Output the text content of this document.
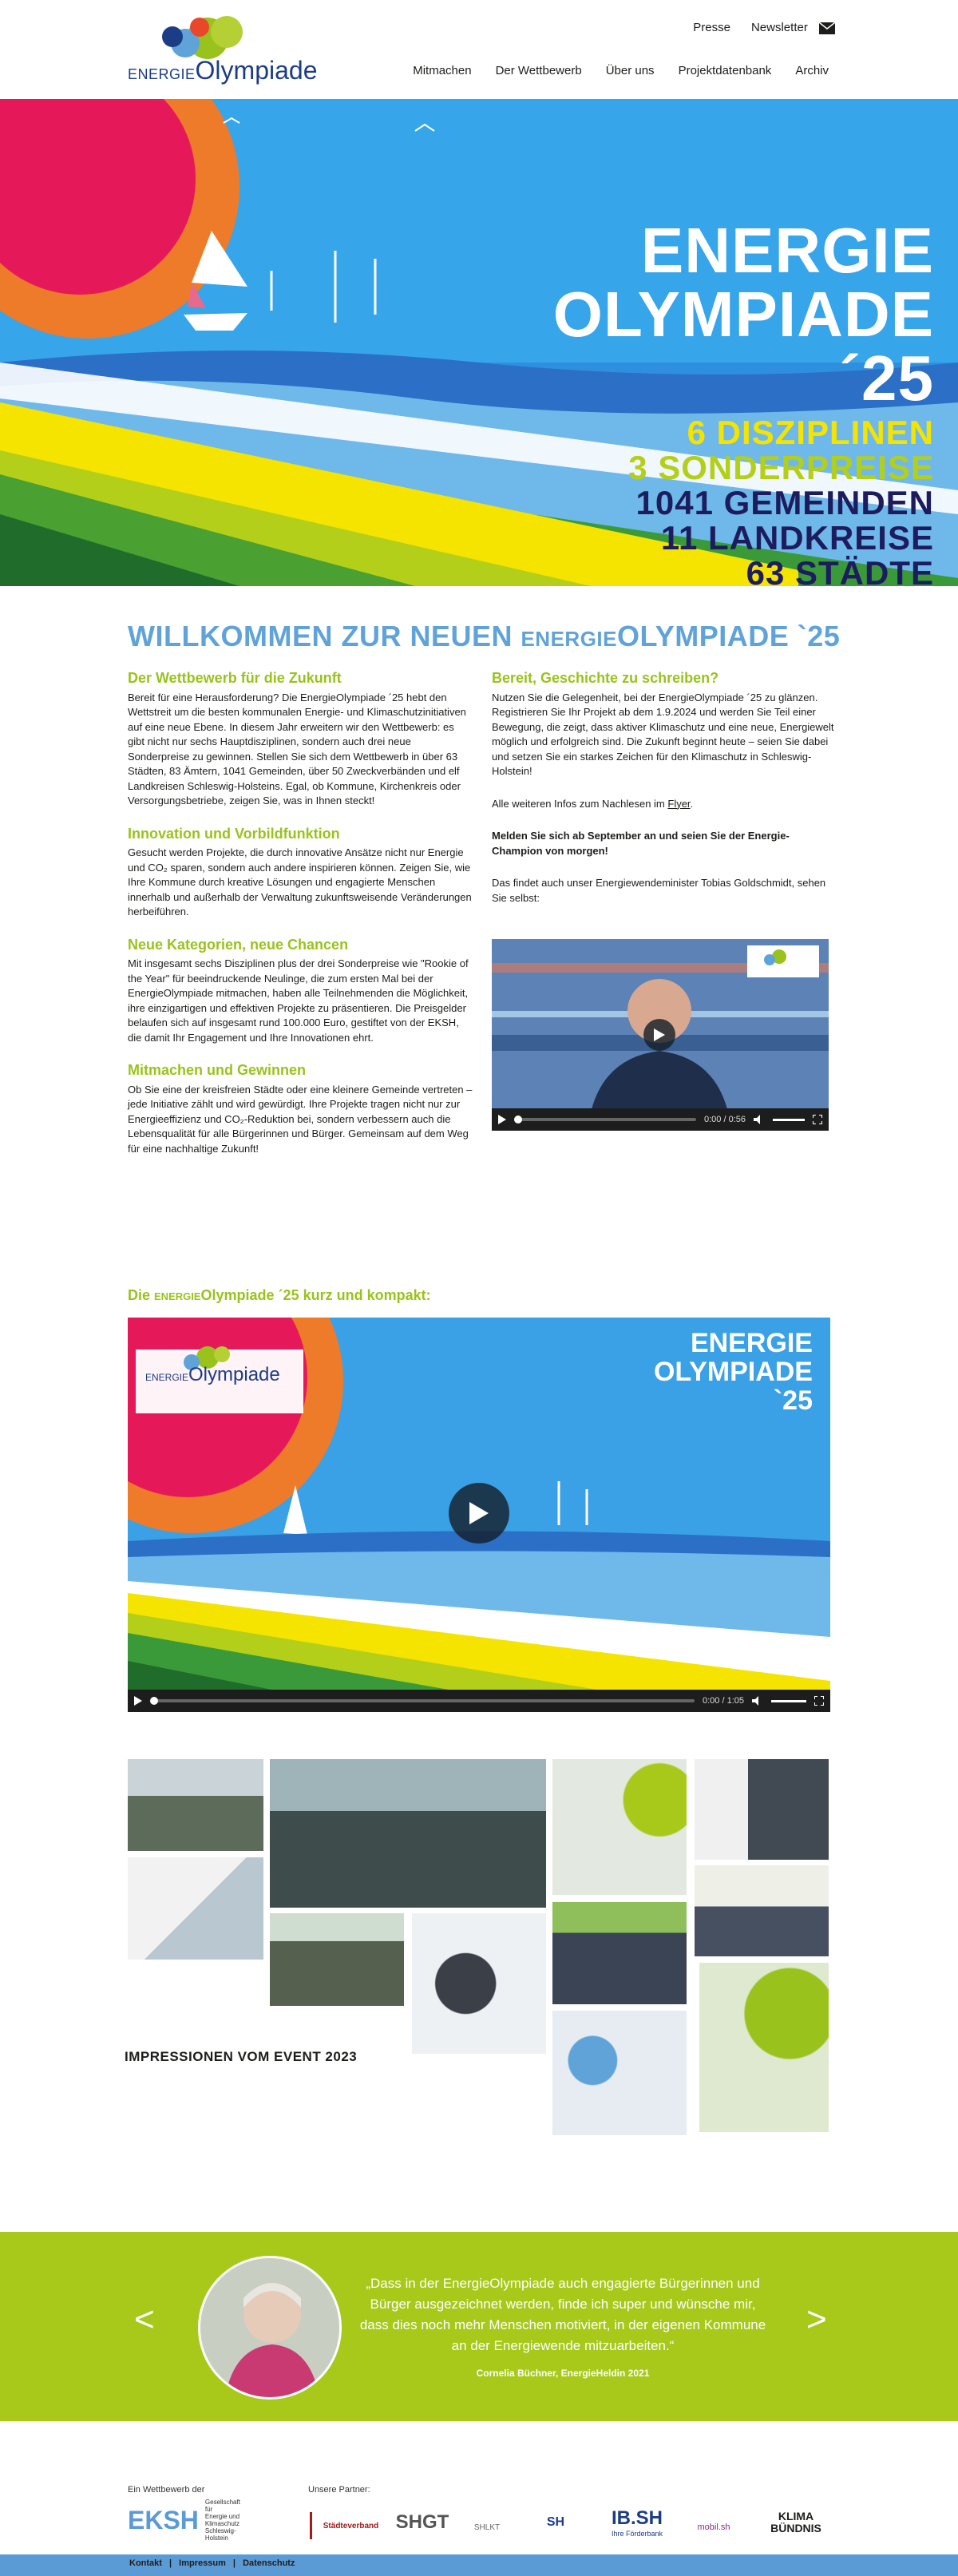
ENERGIEOlympiade
Presse Newsletter
Mitmachen Der Wettbewerb Über uns Projektdatenbank Archiv
ENERGIE
OLYMPIADE
´25
6 DISZIPLINEN
3 SONDERPREISE
1041 GEMEINDEN
11 LANDKREISE
63 STÄDTE
WILLKOMMEN ZUR NEUEN ENERGIEOLYMPIADE `25
Der Wettbewerb für die Zukunft

Bereit für eine Herausforderung? Die EnergieOlympiade ´25 hebt den Wettstreit um die besten kommunalen Energie- und Klimaschutzinitiativen auf eine neue Ebene. In diesem Jahr erweitern wir den Wettbewerb: es gibt nicht nur sechs Hauptdisziplinen, sondern auch drei neue Sonderpreise zu gewinnen. Stellen Sie sich dem Wettbewerb in über 63 Städten, 83 Ämtern, 1041 Gemeinden, über 50 Zweckverbänden und elf Landkreisen Schleswig-Holsteins. Egal, ob Kommune, Kirchenkreis oder Versorgungsbetriebe, zeigen Sie, was in Ihnen steckt!

Innovation und Vorbildfunktion

Gesucht werden Projekte, die durch innovative Ansätze nicht nur Energie und CO₂ sparen, sondern auch andere inspirieren können. Zeigen Sie, wie Ihre Kommune durch kreative Lösungen und engagierte Menschen innerhalb und außerhalb der Verwaltung zukunftsweisende Veränderungen herbeiführen.

Neue Kategorien, neue Chancen

Mit insgesamt sechs Disziplinen plus der drei Sonderpreise wie "Rookie of the Year" für beeindruckende Neulinge, die zum ersten Mal bei der EnergieOlympiade mitmachen, haben alle Teilnehmenden die Möglichkeit, ihre einzigartigen und effektiven Projekte zu präsentieren. Die Preisgelder belaufen sich auf insgesamt rund 100.000 Euro, gestiftet von der EKSH, die damit Ihr Engagement und Ihre Innovationen ehrt.

Mitmachen und Gewinnen

Ob Sie eine der kreisfreien Städte oder eine kleinere Gemeinde vertreten – jede Initiative zählt und wird gewürdigt. Ihre Projekte tragen nicht nur zur Energieeffizienz und CO₂-Reduktion bei, sondern verbessern auch die Lebensqualität für alle Bürgerinnen und Bürger. Gemeinsam auf dem Weg für eine nachhaltige Zukunft!

Bereit, Geschichte zu schreiben?

Nutzen Sie die Gelegenheit, bei der EnergieOlympiade ´25 zu glänzen. Registrieren Sie Ihr Projekt ab dem 1.9.2024 und werden Sie Teil einer Bewegung, die zeigt, dass aktiver Klimaschutz und eine neue, Energiewelt möglich und erfolgreich sind. Die Zukunft beginnt heute – seien Sie dabei und setzen Sie ein starkes Zeichen für den Klimaschutz in Schleswig-Holstein!

Alle weiteren Infos zum Nachlesen im Flyer.

Melden Sie sich ab September an und seien Sie der Energie-Champion von morgen!

Das findet auch unser Energiewendeminister Tobias Goldschmidt, sehen Sie selbst:

0:00 / 0:56
Die ENERGIEOlympiade ´25 kurz und kompakt:
ENERGIEOlympiade
ENERGIE
OLYMPIADE
`25
0:00 / 1:05
IMPRESSIONEN VOM EVENT 2023
<
„Dass in der EnergieOlympiade auch engagierte Bürgerinnen und Bürger ausgezeichnet werden, finde ich super und wünsche mir, dass dies noch mehr Menschen motiviert, in der eigenen Kommune an der Energiewende mitzuarbeiten.“
Cornelia Büchner, EnergieHeldin 2021
>
Ein Wettbewerb der	Unsere Partner:
EKSH
Gesellschaft für
Energie und Klimaschutz
Schleswig-Holstein
Städteverband SHGT	SHLKT	SH	IB.SH
Ihre Förderbank
mobil.sh
KLIMA
BÜNDNIS
Kontakt | Impressum | Datenschutz
